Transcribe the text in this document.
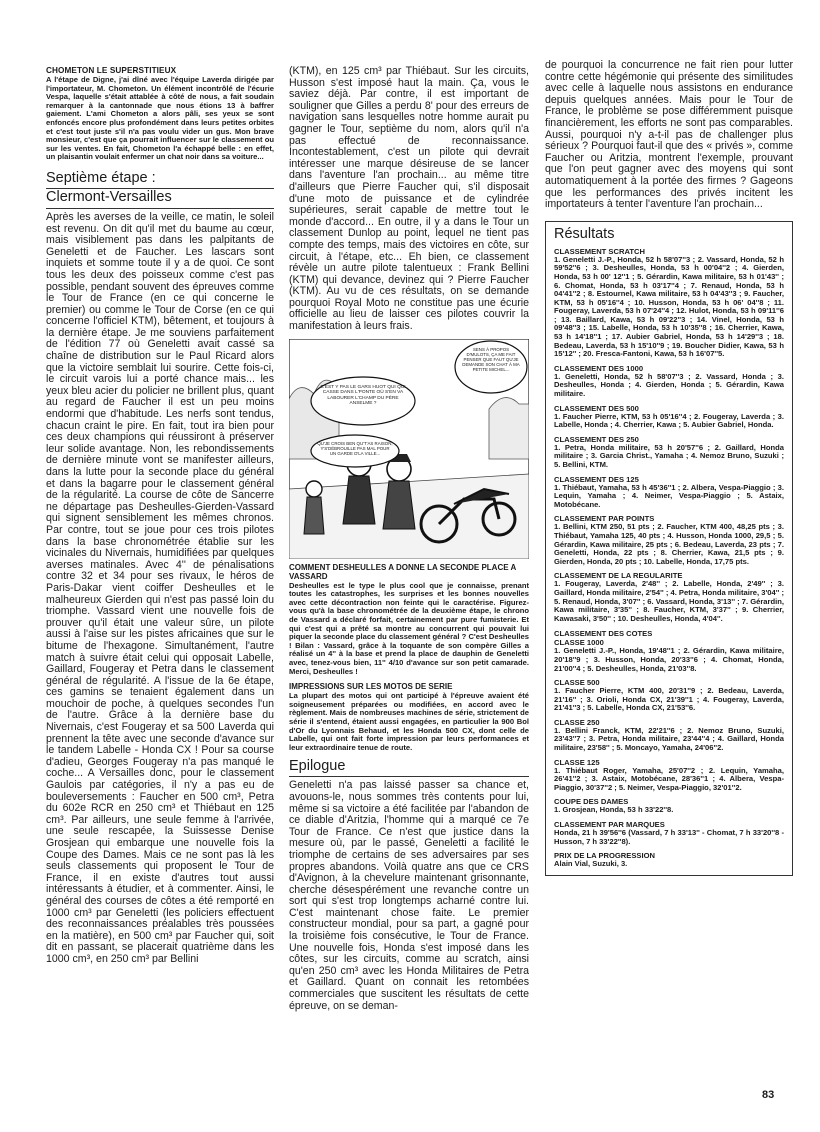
CHOMETON LE SUPERSTITIEUX
A l'étape de Digne, j'ai dîné avec l'équipe Laverda dirigée par l'importateur, M. Chometon. Un élément incontrôlé de l'écurie Vespa, laquelle s'était attablée à côté de nous, a fait soudain remarquer à la cantonnade que nous étions 13 à baffrer gaiement. L'ami Chometon a alors pâli, ses yeux se sont enfoncés encore plus profondément dans leurs petites orbites et c'est tout juste s'il n'a pas voulu vider un gus. Mon brave monsieur, c'est que ça pourrait influencer sur le classement ou sur les ventes. En fait, Chometon l'a échappé belle : en effet, un plaisantin voulait enfermer un chat noir dans sa voiture...
Septième étape :
Clermont-Versailles
Après les averses de la veille, ce matin, le soleil est revenu. On dit qu'il met du baume au cœur, mais visiblement pas dans les palpitants de Geneletti et de Faucher. Les lascars sont inquiets et somme toute il y a de quoi. Ce sont tous les deux des poisseux comme c'est pas possible, pendant souvent des épreuves comme le Tour de France (en ce qui concerne le premier) ou comme le Tour de Corse (en ce qui concerne l'officiel KTM), bêtement, et toujours à la dernière étape. Je me souviens parfaitement de l'édition 77 où Geneletti avait cassé sa chaîne de distribution sur le Paul Ricard alors que la victoire semblait lui sourire. Cette fois-ci, le circuit varois lui a porté chance mais... les yeux bleu acier du policier ne brillent plus, quant au regard de Faucher il est un peu moins endormi que d'habitude. Les nerfs sont tendus, chacun craint le pire. En fait, tout ira bien pour ces deux champions qui réussiront à préserver leur solide avantage. Non, les rebondissements de dernière minute vont se manifester ailleurs, dans la lutte pour la seconde place du général et dans la bagarre pour le classement général de la régularité. La course de côte de Sancerre ne départage pas Desheulles-Gierden-Vassard qui signent sensiblement les mêmes chronos. Par contre, tout se joue pour ces trois pilotes dans la base chronométrée établie sur les vicinales du Nivernais, humidifiées par quelques averses matinales. Avec 4'' de pénalisations contre 32 et 34 pour ses rivaux, le héros de Paris-Dakar vient coiffer Desheulles et le malheureux Gierden qui n'est pas passé loin du triomphe. Vassard vient une nouvelle fois de prouver qu'il était une valeur sûre, un pilote aussi à l'aise sur les pistes africaines que sur le bitume de l'hexagone. Simultanément, l'autre match à suivre était celui qui opposait Labelle, Gaillard, Fougeray et Petra dans le classement général de régularité. A l'issue de la 6e étape, ces gamins se tenaient également dans un mouchoir de poche, à quelques secondes l'un de l'autre. Grâce à la dernière base du Nivernais, c'est Fougeray et sa 500 Laverda qui prennent la tête avec une seconde d'avance sur le tandem Labelle - Honda CX ! Pour sa course d'adieu, Georges Fougeray n'a pas manqué le coche... A Versailles donc, pour le classement Gaulois par catégories, il n'y a pas eu de bouleversements : Faucher en 500 cm³, Petra du 602e RCR en 250 cm³ et Thiébaut en 125 cm³. Par ailleurs, une seule femme à l'arrivée, une seule rescapée, la Suissesse Denise Grosjean qui embarque une nouvelle fois la Coupe des Dames. Mais ce ne sont pas là les seuls classements qui proposent le Tour de France, il en existe d'autres tout aussi intéressants à étudier, et à commenter. Ainsi, le général des courses de côtes a été remporté en 1000 cm³ par Geneletti (les policiers effectuent des reconnaissances préalables très poussées en la matière), en 500 cm³ par Faucher qui, soit dit en passant, se placerait quatrième dans les 1000 cm³, en 250 cm³ par Bellini
(KTM), en 125 cm³ par Thiébaut. Sur les circuits, Husson s'est imposé haut la main. Ça, vous le saviez déjà. Par contre, il est important de souligner que Gilles a perdu 8' pour des erreurs de navigation sans lesquelles notre homme aurait pu gagner le Tour, septième du nom, alors qu'il n'a pas effectué de reconnaissance. Incontestablement, c'est un pilote qui devrait intéresser une marque désireuse de se lancer dans l'aventure l'an prochain... au même titre d'ailleurs que Pierre Faucher qui, s'il disposait d'une moto de puissance et de cylindrée supérieures, serait capable de mettre tout le monde d'accord... En outre, il y a dans le Tour un classement Dunlop au point, lequel ne tient pas compte des temps, mais des victoires en côte, sur circuit, à l'étape, etc... Eh bien, ce classement révèle un autre pilote talentueux : Frank Bellini (KTM) qui devance, devinez qui ? Pierre Faucher (KTM). Au vu de ces résultats, on se demande pourquoi Royal Moto ne constitue pas une écurie officielle au lieu de laisser ces pilotes couvrir la manifestation à leurs frais.
SENS À PROPOS D'MULOTS, ÇA ME FAIT PENSER QUE FAUT QU'JE DEMANDE SON CHAT À MA PETITE MICHEL...
C'EST Y PAS LE GARS HUOT QUI QUI CASSE DANS L'PONTE OÙ S'EN VA LABOURER L'CHAMP DU PÈRE ANSELME ?
QU'JE CROIS BEN QU'T'AS RAISON, Y'S'DÉBROUILLE PAS MAL POUR UN GARDE D'LA VILLE...
COMMENT DESHEULLES A DONNE LA SECONDE PLACE A VASSARD
Desheulles est le type le plus cool que je connaisse, prenant toutes les catastrophes, les surprises et les bonnes nouvelles avec cette décontraction non feinte qui le caractérise. Figurez-vous qu'à la base chronométrée de la deuxième étape, le chrono de Vassard a déclaré forfait, certainement par pure fumisterie. Et qui c'est qui a prêté sa montre au concurrent qui pouvait lui piquer la seconde place du classement général ? C'est Desheulles ! Bilan : Vassard, grâce à la toquante de son compère Gilles a réalisé un 4'' à la base et prend la place de dauphin de Geneletti avec, tenez-vous bien, 11'' 4/10 d'avance sur son petit camarade. Merci, Desheulles !
IMPRESSIONS SUR LES MOTOS DE SERIE
La plupart des motos qui ont participé à l'épreuve avaient été soigneusement préparées ou modifiées, en accord avec le règlement. Mais de nombreuses machines de série, strictement de série il s'entend, étaient aussi engagées, en particulier la 900 Bol d'Or du Lyonnais Behaud, et les Honda 500 CX, dont celle de Labelle, qui ont fait forte impression par leurs performances et leur extraordinaire tenue de route.
Epilogue
Geneletti n'a pas laissé passer sa chance et, avouons-le, nous sommes très contents pour lui, même si sa victoire a été facilitée par l'abandon de ce diable d'Aritzia, l'homme qui a marqué ce 7e Tour de France. Ce n'est que justice dans la mesure où, par le passé, Geneletti a facilité le triomphe de certains de ses adversaires par ses propres abandons. Voilà quatre ans que ce CRS d'Avignon, à la chevelure maintenant grisonnante, cherche désespérément une revanche contre un sort qui s'est trop longtemps acharné contre lui. C'est maintenant chose faite. Le premier constructeur mondial, pour sa part, a gagné pour la troisième fois consécutive, le Tour de France. Une nouvelle fois, Honda s'est imposé dans les côtes, sur les circuits, comme au scratch, ainsi qu'en 250 cm³ avec les Honda Militaires de Petra et Gaillard. Quant on connait les retombées commerciales que suscitent les résultats de cette épreuve, on se deman-
de pourquoi la concurrence ne fait rien pour lutter contre cette hégémonie qui présente des similitudes avec celle à laquelle nous assistons en endurance depuis quelques années. Mais pour le Tour de France, le problème se pose différemment puisque financièrement, les efforts ne sont pas comparables. Aussi, pourquoi n'y a-t-il pas de challenger plus sérieux ? Pourquoi faut-il que des « privés », comme Faucher ou Aritzia, montrent l'exemple, prouvant que l'on peut gagner avec des moyens qui sont automatiquement à la portée des firmes ? Gageons que les performances des privés incitent les importateurs à tenter l'aventure l'an prochain...
Résultats
CLASSEMENT SCRATCH
1. Geneletti J.-P., Honda, 52 h 58'07''3 ; 2. Vassard, Honda, 52 h 59'52''6 ; 3. Desheulles, Honda, 53 h 00'04''2 ; 4. Gierden, Honda, 53 h 00' 12''1 ; 5. Gérardin, Kawa militaire, 53 h 01'43'' ; 6. Chomat, Honda, 53 h 03'17''4 ; 7. Renaud, Honda, 53 h 04'41''2 ; 8. Estournel, Kawa militaire, 53 h 04'43''3 ; 9. Faucher, KTM, 53 h 05'16''4 ; 10. Husson, Honda, 53 h 06' 04''8 ; 11. Fougeray, Laverda, 53 h 07'24''4 ; 12. Hulot, Honda, 53 h 09'11''6 ; 13. Baillard, Kawa, 53 h 09'22''3 ; 14. Vinel, Honda, 53 h 09'48''3 ; 15. Labelle, Honda, 53 h 10'35''8 ; 16. Cherrier, Kawa, 53 h 14'18''1 ; 17. Aubier Gabriel, Honda, 53 h 14'29''3 ; 18. Bedeau, Laverda, 53 h 15'10''9 ; 19. Boucher Didier, Kawa, 53 h 15'12'' ; 20. Fresca-Fantoni, Kawa, 53 h 16'07''5.
CLASSEMENT DES 1000
1. Geneletti, Honda, 52 h 58'07''3 ; 2. Vassard, Honda ; 3. Desheulles, Honda ; 4. Gierden, Honda ; 5. Gérardin, Kawa militaire.
CLASSEMENT DES 500
1. Faucher Pierre, KTM, 53 h 05'16''4 ; 2. Fougeray, Laverda ; 3. Labelle, Honda ; 4. Cherrier, Kawa ; 5. Aubier Gabriel, Honda.
CLASSEMENT DES 250
1. Petra, Honda militaire, 53 h 20'57''6 ; 2. Gaillard, Honda militaire ; 3. Garcia Christ., Yamaha ; 4. Nemoz Bruno, Suzuki ; 5. Bellini, KTM.
CLASSEMENT DES 125
1. Thiébaut, Yamaha, 53 h 45'36''1 ; 2. Albera, Vespa-Piaggio ; 3. Lequin, Yamaha ; 4. Neimer, Vespa-Piaggio ; 5. Astaix, Motobécane.
CLASSEMENT PAR POINTS
1. Bellini, KTM 250, 51 pts ; 2. Faucher, KTM 400, 48,25 pts ; 3. Thiébaut, Yamaha 125, 40 pts ; 4. Husson, Honda 1000, 29,5 ; 5. Gérardin, Kawa militaire, 25 pts ; 6. Bedeau, Laverda, 23 pts ; 7. Geneletti, Honda, 22 pts ; 8. Cherrier, Kawa, 21,5 pts ; 9. Gierden, Honda, 20 pts ; 10. Labelle, Honda, 17,75 pts.
CLASSEMENT DE LA REGULARITE
1. Fougeray, Laverda, 2'48'' ; 2. Labelle, Honda, 2'49'' ; 3. Gaillard, Honda militaire, 2'54'' ; 4. Petra, Honda militaire, 3'04'' ; 5. Renaud, Honda, 3'07'' ; 6. Vassard, Honda, 3'13'' ; 7. Gérardin, Kawa militaire, 3'35'' ; 8. Faucher, KTM, 3'37'' ; 9. Cherrier, Kawasaki, 3'50'' ; 10. Desheulles, Honda, 4'04''.
CLASSEMENT DES COTES
CLASSE 1000
1. Geneletti J.-P., Honda, 19'48''1 ; 2. Gérardin, Kawa militaire, 20'18''9 ; 3. Husson, Honda, 20'33''6 ; 4. Chomat, Honda, 21'00''4 ; 5. Desheulles, Honda, 21'03''8.
CLASSE 500
1. Faucher Pierre, KTM 400, 20'31''9 ; 2. Bedeau, Laverda, 21'16'' ; 3. Orioli, Honda CX, 21'39''1 ; 4. Fougeray, Laverda, 21'41''3 ; 5. Labelle, Honda CX, 21'53''6.
CLASSE 250
1. Bellini Franck, KTM, 22'21''6 ; 2. Nemoz Bruno, Suzuki, 23'43''7 ; 3. Petra, Honda militaire, 23'44''4 ; 4. Gaillard, Honda militaire, 23'58'' ; 5. Moncayo, Yamaha, 24'06''2.
CLASSE 125
1. Thiébaut Roger, Yamaha, 25'07''2 ; 2. Lequin, Yamaha, 26'41''2 ; 3. Astaix, Motobécane, 28'36''1 ; 4. Albera, Vespa-Piaggio, 30'37''2 ; 5. Neimer, Vespa-Piaggio, 32'01''2.
COUPE DES DAMES
1. Grosjean, Honda, 53 h 33'22''8.
CLASSEMENT PAR MARQUES
Honda, 21 h 39'56''6 (Vassard, 7 h 33'13'' - Chomat, 7 h 33'20''8 - Husson, 7 h 33'22''8).
PRIX DE LA PROGRESSION
Alain Vial, Suzuki, 3.
83
